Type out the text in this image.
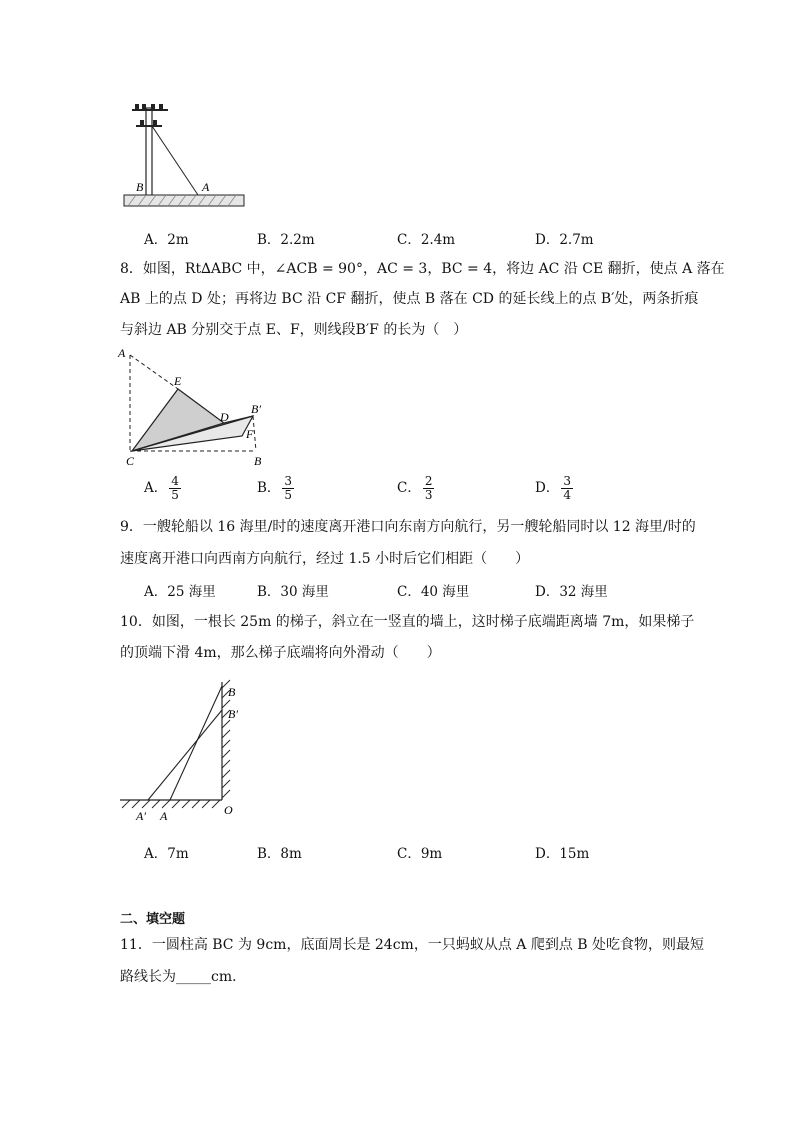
B	A
A．2m	B．2.2m	C．2.4m	D．2.7m
8．如图，Rt∆ABC 中，∠ACB = 90°，AC = 3，BC = 4，将边 AC 沿 CE 翻折，使点 A 落在
AB 上的点 D 处；再将边 BC 沿 CF 翻折，使点 B 落在 CD 的延长线上的点 B′处，两条折痕
与斜边 AB 分别交于点 E、F，则线段B′F 的长为（　）
A
E
D
B′
F
C	B
A． $\frac{4}{5}$	B． $\frac{3}{5}$	C． $\frac{2}{3}$	D． $\frac{3}{4}$
9．一艘轮船以 16 海里/时的速度离开港口向东南方向航行，另一艘轮船同时以 12 海里/时的
速度离开港口向西南方向航行，经过 1.5 小时后它们相距（　　）
A．25 海里	B．30 海里	C．40 海里	D．32 海里
10．如图，一根长 25m 的梯子，斜立在一竖直的墙上，这时梯子底端距离墙 7m，如果梯子
的顶端下滑 4m，那么梯子底端将向外滑动（　　）
B
B′
O
A′ A
A．7m	B．8m	C．9m	D．15m
二、填空题
11．一圆柱高 BC 为 9cm，底面周长是 24cm，一只蚂蚁从点 A 爬到点 B 处吃食物，则最短
路线长为_____cm．
